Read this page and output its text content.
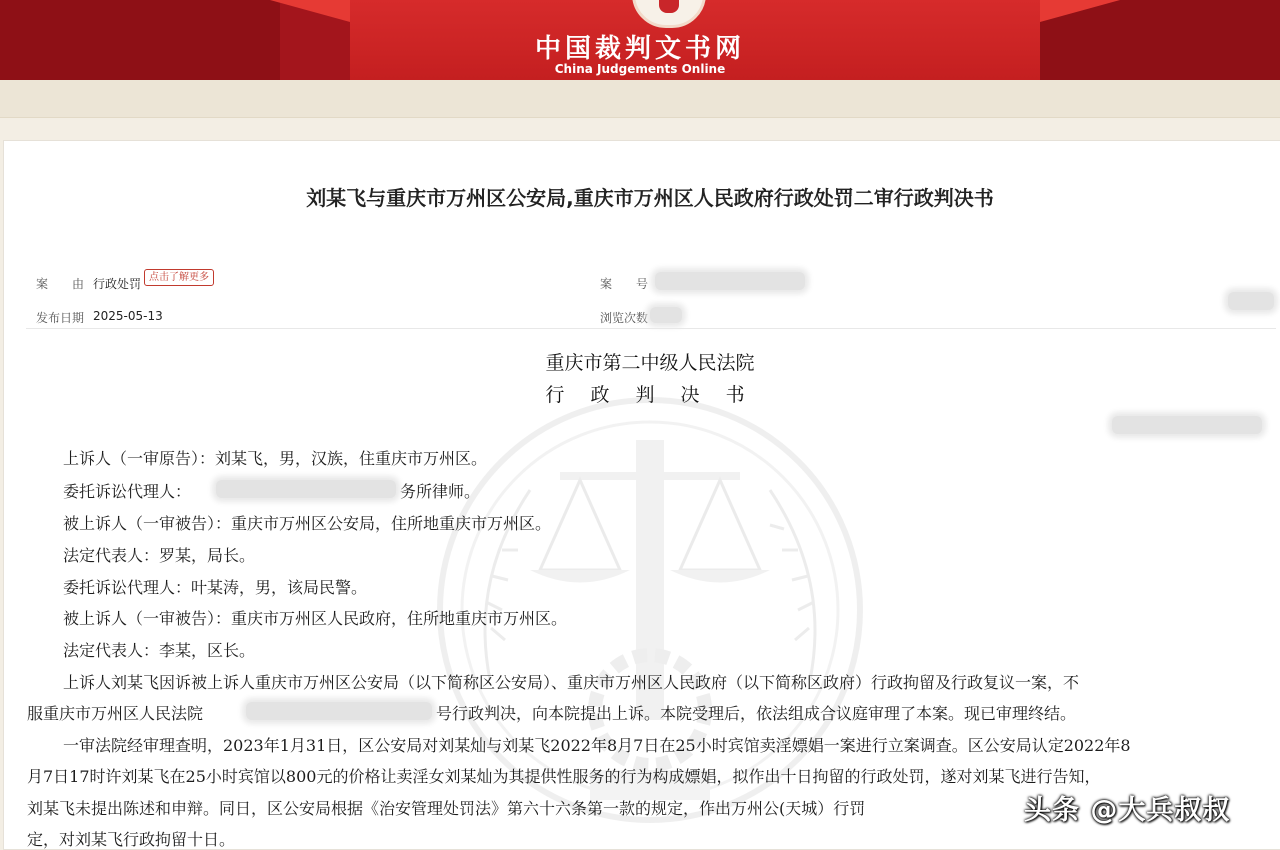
中国裁判文书网
China Judgements Online
刘某飞与重庆市万州区公安局,重庆市万州区人民政府行政处罚二审行政判决书
案　　由 行政处罚 点击了解更多	案　　号
发布日期 2025-05-13	浏览次数
重庆市第二中级人民法院
行 政 判 决 书
上诉人（一审原告）：刘某飞，男，汉族，住重庆市万州区。
委托诉讼代理人：	务所律师。
被上诉人（一审被告）：重庆市万州区公安局，住所地重庆市万州区。
法定代表人：罗某，局长。
委托诉讼代理人：叶某涛，男，该局民警。
被上诉人（一审被告）：重庆市万州区人民政府，住所地重庆市万州区。
法定代表人：李某，区长。
上诉人刘某飞因诉被上诉人重庆市万州区公安局（以下简称区公安局）、重庆市万州区人民政府（以下简称区政府）行政拘留及行政复议一案，不
服重庆市万州区人民法院	号行政判决，向本院提出上诉。本院受理后，依法组成合议庭审理了本案。现已审理终结。
一审法院经审理查明，2023年1月31日，区公安局对刘某灿与刘某飞2022年8月7日在25小时宾馆卖淫嫖娼一案进行立案调查。区公安局认定2022年8
月7日17时许刘某飞在25小时宾馆以800元的价格让卖淫女刘某灿为其提供性服务的行为构成嫖娼，拟作出十日拘留的行政处罚，遂对刘某飞进行告知，
刘某飞未提出陈述和申辩。同日，区公安局根据《治安管理处罚法》第六十六条第一款的规定，作出万州公(天城）行罚
定，对刘某飞行政拘留十日。
头条 @大兵叔叔
